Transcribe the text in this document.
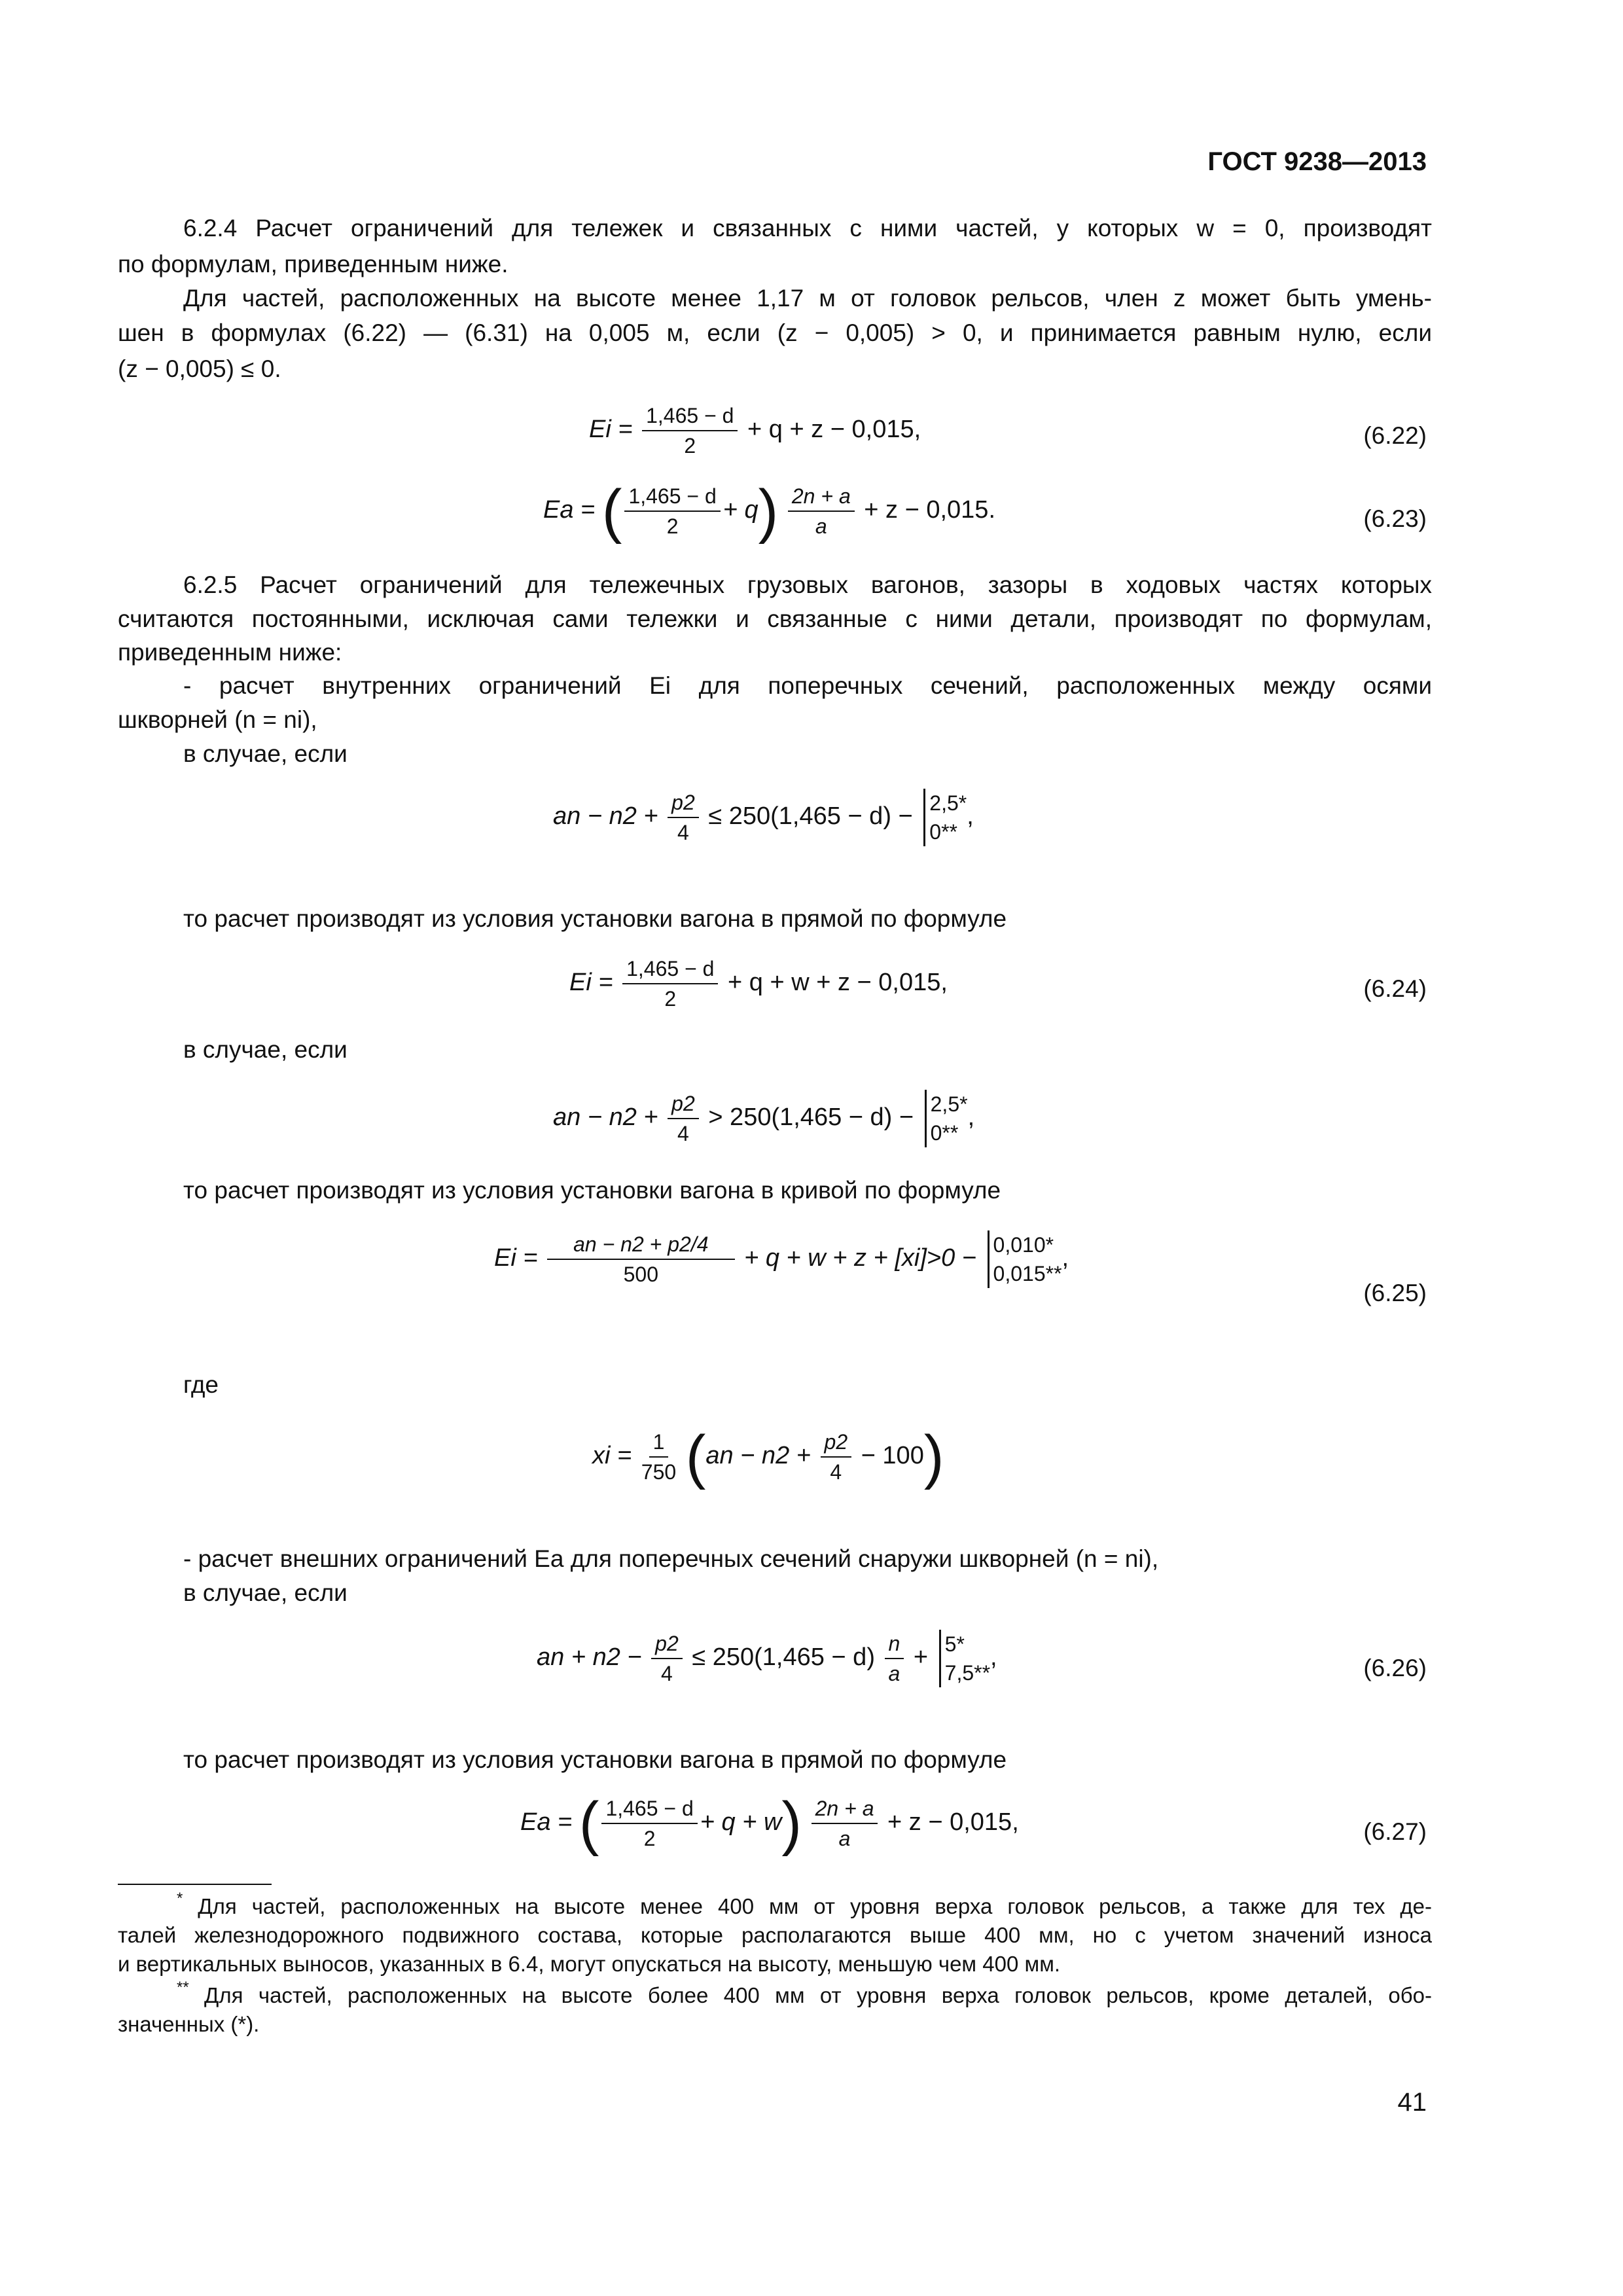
ГОСТ 9238—2013
6.2.4 Расчет ограничений для тележек и связанных с ними частей, у которых w = 0, производят
по формулам, приведенным ниже.
Для частей, расположенных на высоте менее 1,17 м от головок рельсов, член z может быть умень-
шен в формулах (6.22) — (6.31) на 0,005 м, если (z − 0,005) > 0, и принимается равным нулю, если
(z − 0,005) ≤ 0.
$Ei = \frac{1,465 - d}{2} + q + z - 0,015$,	(6.22)
Ea = ( $\frac{1,465 - d}{2} + q) \frac{2n + a}{a} + z - 0,015$.	(6.23)
6.2.5 Расчет ограничений для тележечных грузовых вагонов, зазоры в ходовых частях которых
считаются постоянными, исключая сами тележки и связанные с ними детали, производят по формулам,
приведенным ниже:
- расчет внутренних ограничений Ei для поперечных сечений, расположенных между осями
шкворней (n = ni),
в случае, если
an − $n2 + \frac{p2}{4} \le 250(1,465 - d) - 2,5*$
0**
,
то расчет производят из условия установки вагона в прямой по формуле
$Ei = \frac{1,465 - d}{2} + q + w + z - 0,015$,	(6.24)
в случае, если
an − $n2 + \frac{p2}{4} > 250(1,465 - d) - 2,5*$
0**
,
то расчет производят из условия установки вагона в кривой по формуле
$Ei = \frac{an - n2 + p2/4}{500} + q + w + z + [xi]>0 - 0,010*$
0,015**
,
(6.25)
где
xi = $\frac{1}{750} (an - n2 + \frac{p2}{4} - 100)$
- расчет внешних ограничений Ea для поперечных сечений снаружи шкворней (n = ni),
в случае, если
an + $n2 - \frac{p2}{4} \le 250(1,465 - d) \frac{n}{a} + 5*$
7,5**
,	(6.26)
то расчет производят из условия установки вагона в прямой по формуле
Ea = ( $\frac{1,465 - d}{2} + q + w) \frac{2n + a}{a} + z - 0,015$,	(6.27)
* Для частей, расположенных на высоте менее 400 мм от уровня верха головок рельсов, а также для тех де-
талей железнодорожного подвижного состава, которые располагаются выше 400 мм, но с учетом значений износа
и вертикальных выносов, указанных в 6.4, могут опускаться на высоту, меньшую чем 400 мм.
** Для частей, расположенных на высоте более 400 мм от уровня верха головок рельсов, кроме деталей, обо-
значенных (*).
41
